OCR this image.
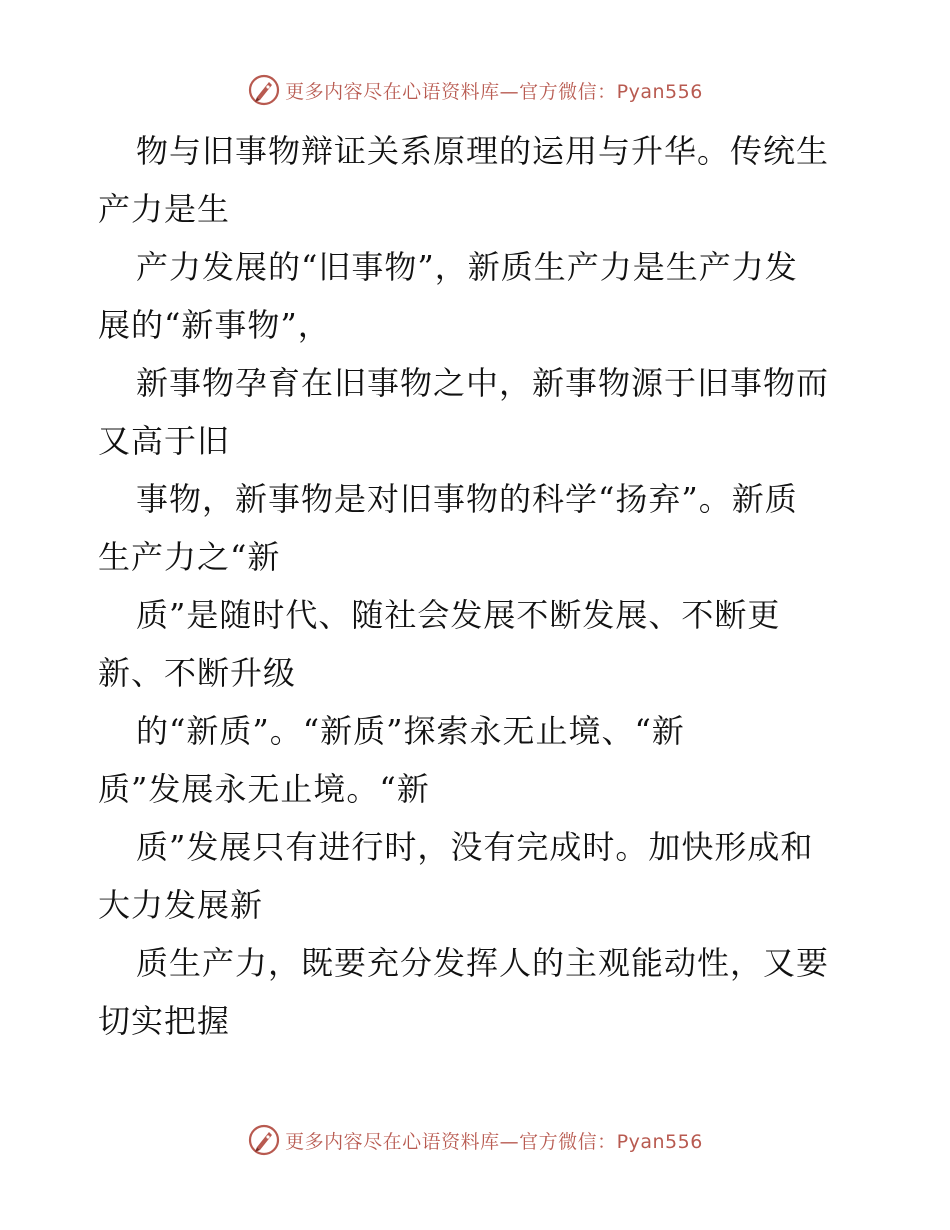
更多内容尽在心语资料库—官方微信：Pyan556
物与旧事物辩证关系原理的运用与升华。传统生
产力是生
产力发展的“旧事物”，新质生产力是生产力发
展的“新事物”，
新事物孕育在旧事物之中，新事物源于旧事物而
又高于旧
事物，新事物是对旧事物的科学“扬弃”。新质
生产力之“新
质”是随时代、随社会发展不断发展、不断更
新、不断升级
的“新质”。“新质”探索永无止境、“新
质”发展永无止境。“新
质”发展只有进行时，没有完成时。加快形成和
大力发展新
质生产力，既要充分发挥人的主观能动性，又要
切实把握
更多内容尽在心语资料库—官方微信：Pyan556
